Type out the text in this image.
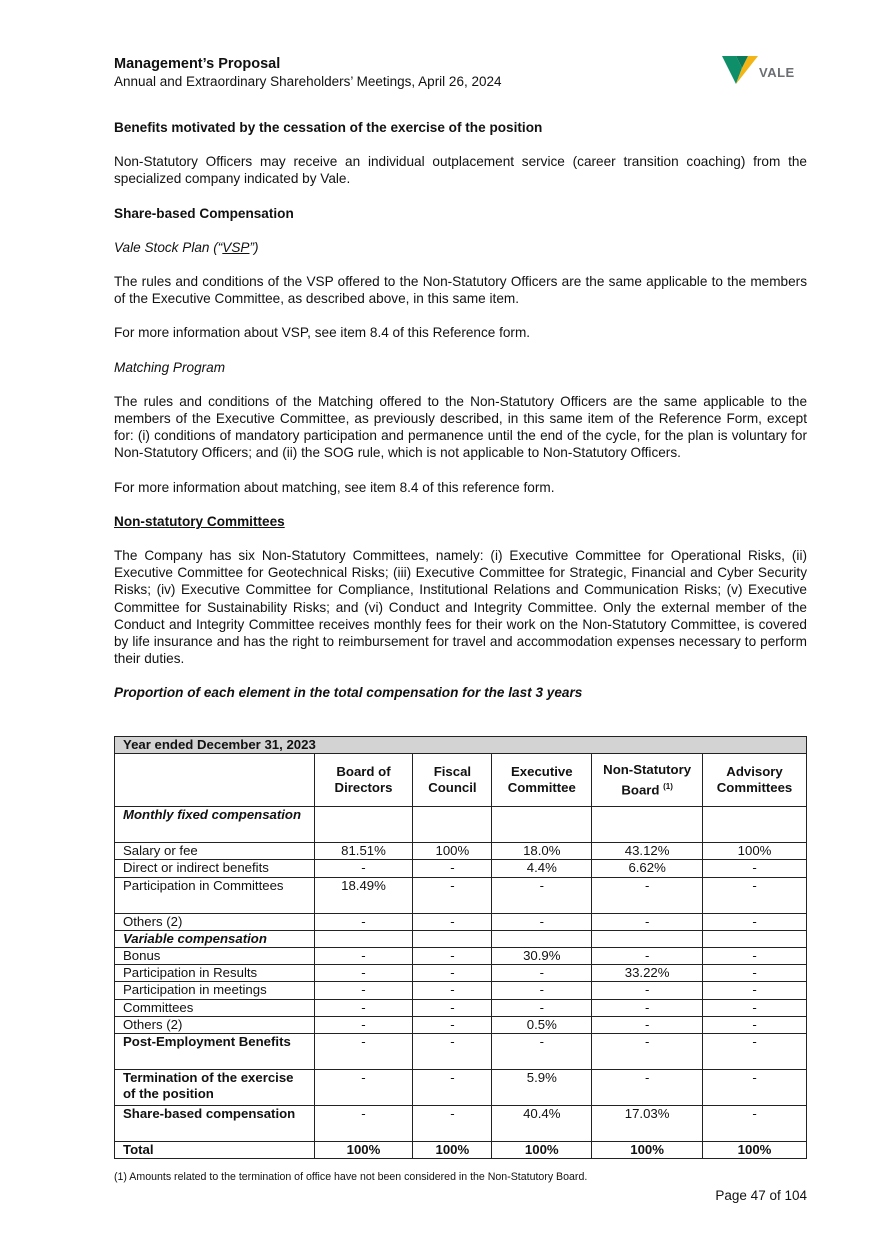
Management’s Proposal
Annual and Extraordinary Shareholders’ Meetings, April 26, 2024
VALE

Benefits motivated by the cessation of the exercise of the position

Non-Statutory Officers may receive an individual outplacement service (career transition coaching) from the specialized company indicated by Vale.

Share-based Compensation

Vale Stock Plan (“VSP”)

The rules and conditions of the VSP offered to the Non-Statutory Officers are the same applicable to the members of the Executive Committee, as described above, in this same item.

For more information about VSP, see item 8.4 of this Reference form.

Matching Program

The rules and conditions of the Matching offered to the Non-Statutory Officers are the same applicable to the members of the Executive Committee, as previously described, in this same item of the Reference Form, except for: (i) conditions of mandatory participation and permanence until the end of the cycle, for the plan is voluntary for Non-Statutory Officers; and (ii) the SOG rule, which is not applicable to Non-Statutory Officers.

For more information about matching, see item 8.4 of this reference form.

Non-statutory Committees

The Company has six Non-Statutory Committees, namely: (i) Executive Committee for Operational Risks, (ii) Executive Committee for Geotechnical Risks; (iii) Executive Committee for Strategic, Financial and Cyber Security Risks; (iv) Executive Committee for Compliance, Institutional Relations and Communication Risks; (v) Executive Committee for Sustainability Risks; and (vi) Conduct and Integrity Committee. Only the external member of the Conduct and Integrity Committee receives monthly fees for their work on the Non-Statutory Committee, is covered by life insurance and has the right to reimbursement for travel and accommodation expenses necessary to perform their duties.

Proportion of each element in the total compensation for the last 3 years

Year ended December 31, 2023					
	Board of Directors	Fiscal Council	Executive Committee	Non-Statutory Board $^{(1)}$	Advisory Committees
Monthly fixed compensation					
Salary or fee	81.51%	100%	18.0%	43.12%	100%
Direct or indirect benefits	-	-	4.4%	6.62%	-
Participation in Committees	18.49%	-	-	-	-
Others (2)	-	-	-	-	-
Variable compensation					
Bonus	-	-	30.9%	-	-
Participation in Results	-	-	-	33.22%	-
Participation in meetings	-	-	-	-	-
Committees	-	-	-	-	-
Others (2)	-	-	0.5%	-	-
Post-Employment Benefits	-	-	-	-	-
Termination of the exercise of the position	-	-	5.9%	-	-
Share-based compensation	-	-	40.4%	17.03%	-
Total	100%	100%	100%	100%	100%
(1) Amounts related to the termination of office have not been considered in the Non-Statutory Board.
Page 47 of 104
